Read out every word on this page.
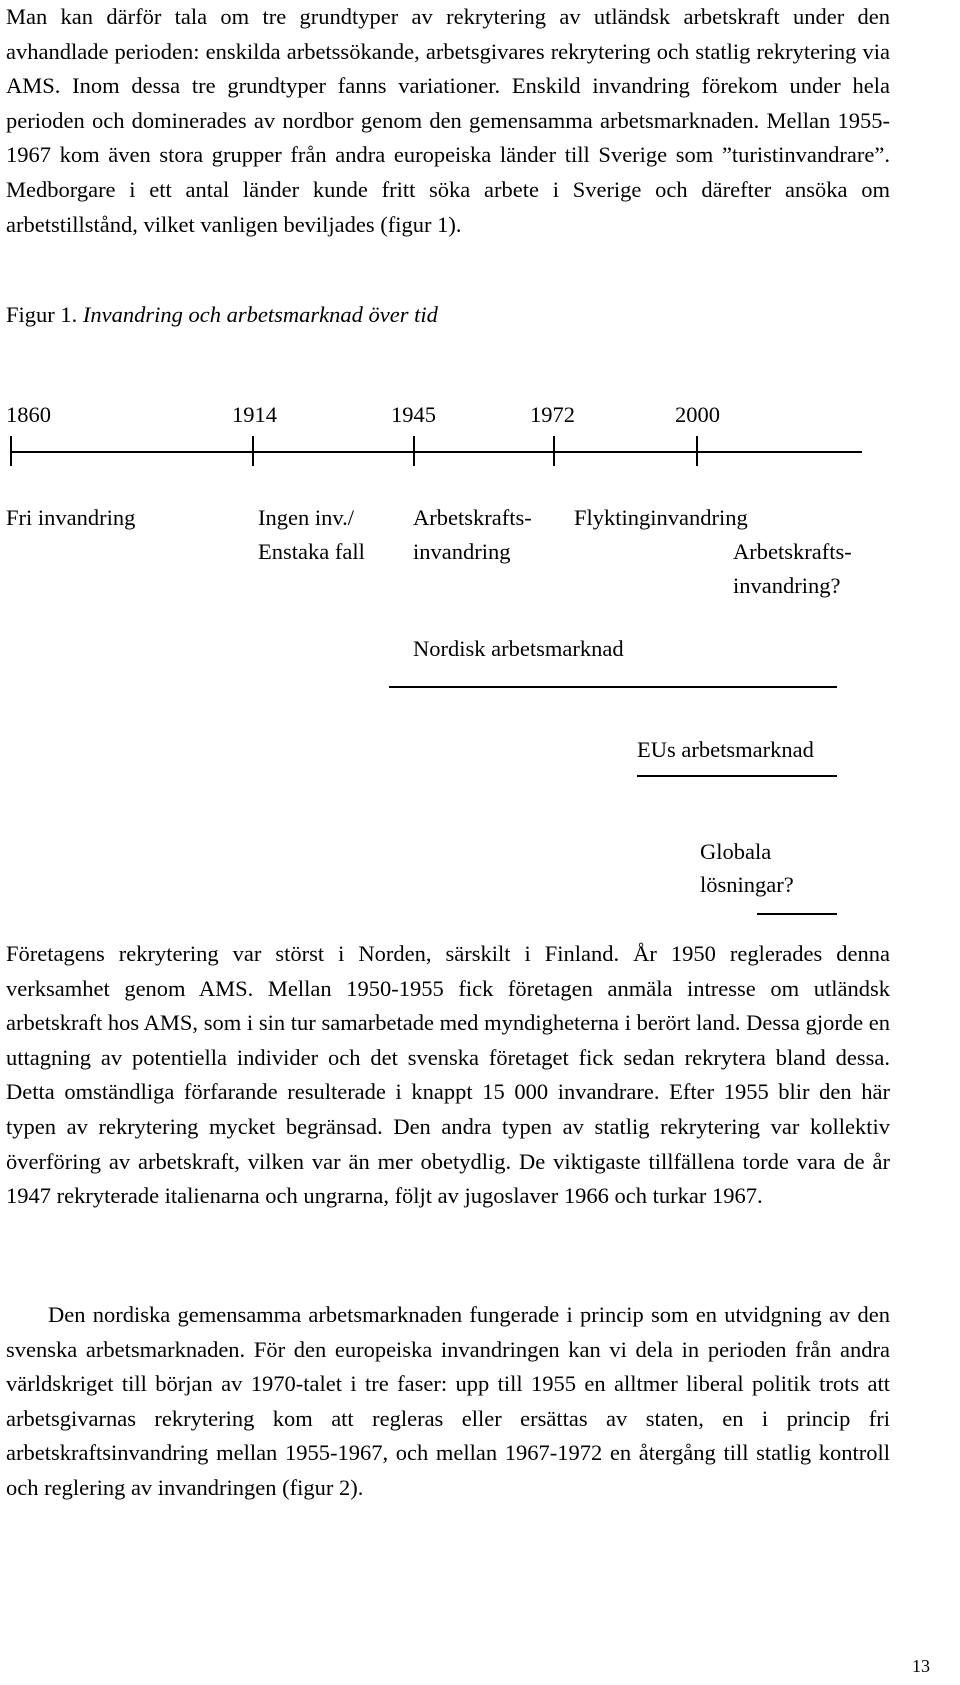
Man kan därför tala om tre grundtyper av rekrytering av utländsk arbetskraft under den avhandlade perioden: enskilda arbetssökande, arbetsgivares rekrytering och statlig rekrytering via AMS. Inom dessa tre grundtyper fanns variationer. Enskild invandring förekom under hela perioden och dominerades av nordbor genom den gemensamma arbetsmarknaden. Mellan 1955-1967 kom även stora grupper från andra europeiska länder till Sverige som ”turistinvandrare”. Medborgare i ett antal länder kunde fritt söka arbete i Sverige och därefter ansöka om arbetstillstånd, vilket vanligen beviljades (figur 1).

Figur 1. Invandring och arbetsmarknad över tid

1860	1914	1945	1972	2000
Fri invandring	Ingen inv./
Enstaka fall
Arbetskrafts-
invandring
Flyktinginvandring
Arbetskrafts-
invandring?
Nordisk arbetsmarknad
EUs arbetsmarknad
Globala
lösningar?

Företagens rekrytering var störst i Norden, särskilt i Finland. År 1950 reglerades denna verksamhet genom AMS. Mellan 1950-1955 fick företagen anmäla intresse om utländsk arbetskraft hos AMS, som i sin tur samarbetade med myndigheterna i berört land. Dessa gjorde en uttagning av potentiella individer och det svenska företaget fick sedan rekrytera bland dessa. Detta omständliga förfarande resulterade i knappt 15 000 invandrare. Efter 1955 blir den här typen av rekrytering mycket begränsad. Den andra typen av statlig rekrytering var kollektiv överföring av arbetskraft, vilken var än mer obetydlig. De viktigaste tillfällena torde vara de år 1947 rekryterade italienarna och ungrarna, följt av jugoslaver 1966 och turkar 1967.

Den nordiska gemensamma arbetsmarknaden fungerade i princip som en utvidgning av den svenska arbetsmarknaden. För den europeiska invandringen kan vi dela in perioden från andra världskriget till början av 1970-talet i tre faser: upp till 1955 en alltmer liberal politik trots att arbetsgivarnas rekrytering kom att regleras eller ersättas av staten, en i princip fri arbetskraftsinvandring mellan 1955-1967, och mellan 1967-1972 en återgång till statlig kontroll och reglering av invandringen (figur 2).

13
